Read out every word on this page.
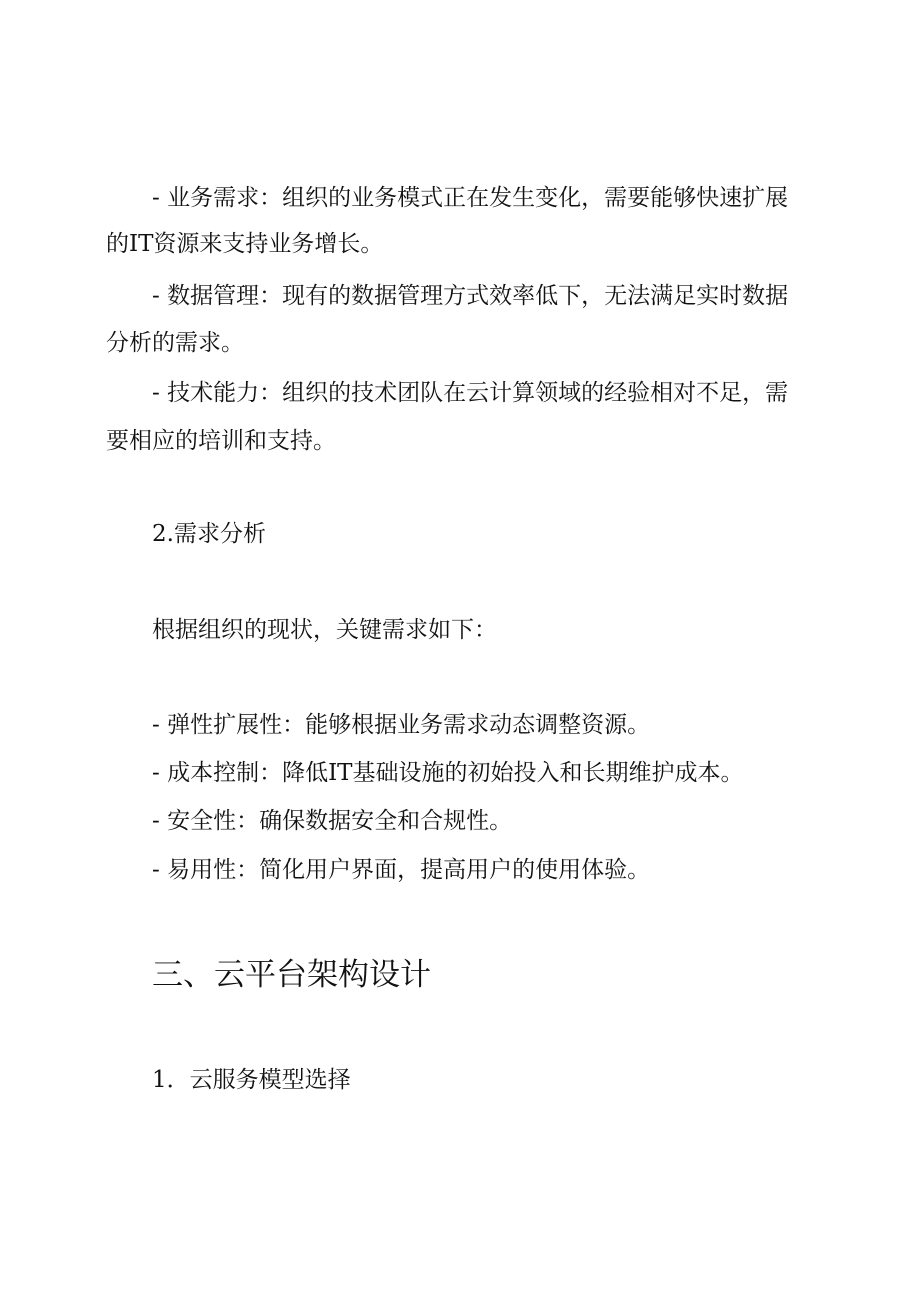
- 业务需求：组织的业务模式正在发生变化，需要能够快速扩展
的IT资源来支持业务增长。
- 数据管理：现有的数据管理方式效率低下，无法满足实时数据
分析的需求。
- 技术能力：组织的技术团队在云计算领域的经验相对不足，需
要相应的培训和支持。
2.需求分析
根据组织的现状，关键需求如下：
- 弹性扩展性：能够根据业务需求动态调整资源。
- 成本控制：降低IT基础设施的初始投入和长期维护成本。
- 安全性：确保数据安全和合规性。
- 易用性：简化用户界面，提高用户的使用体验。
三、云平台架构设计
1．云服务模型选择
